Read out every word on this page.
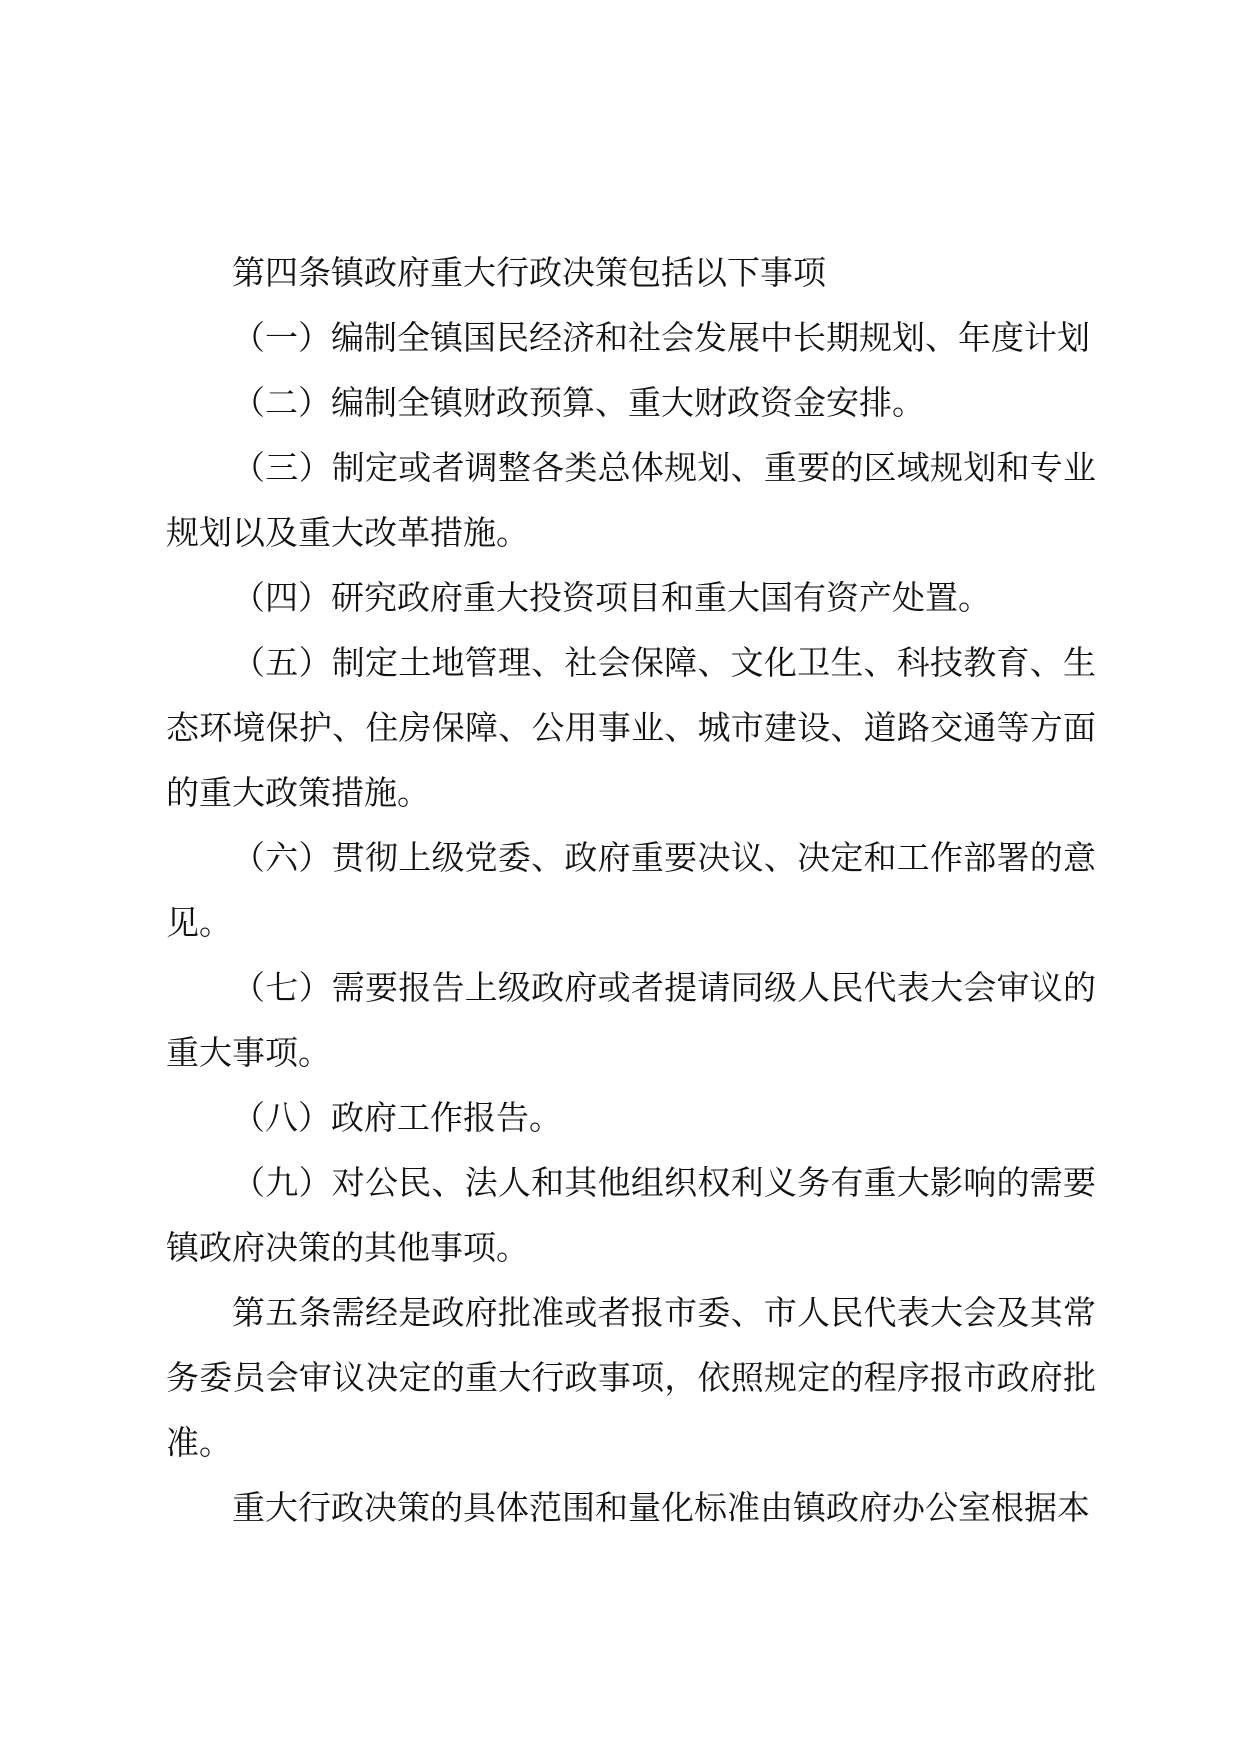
第四条镇政府重大行政决策包括以下事项

（一）编制全镇国民经济和社会发展中长期规划、年度计划

（二）编制全镇财政预算、重大财政资金安排。

（三）制定或者调整各类总体规划、重要的区域规划和专业规划以及重大改革措施。

（四）研究政府重大投资项目和重大国有资产处置。

（五）制定土地管理、社会保障、文化卫生、科技教育、生态环境保护、住房保障、公用事业、城市建设、道路交通等方面的重大政策措施。

（六）贯彻上级党委、政府重要决议、决定和工作部署的意见。

（七）需要报告上级政府或者提请同级人民代表大会审议的重大事项。

（八）政府工作报告。

（九）对公民、法人和其他组织权利义务有重大影响的需要镇政府决策的其他事项。

第五条需经是政府批准或者报市委、市人民代表大会及其常务委员会审议决定的重大行政事项，依照规定的程序报市政府批准。

重大行政决策的具体范围和量化标准由镇政府办公室根据本
